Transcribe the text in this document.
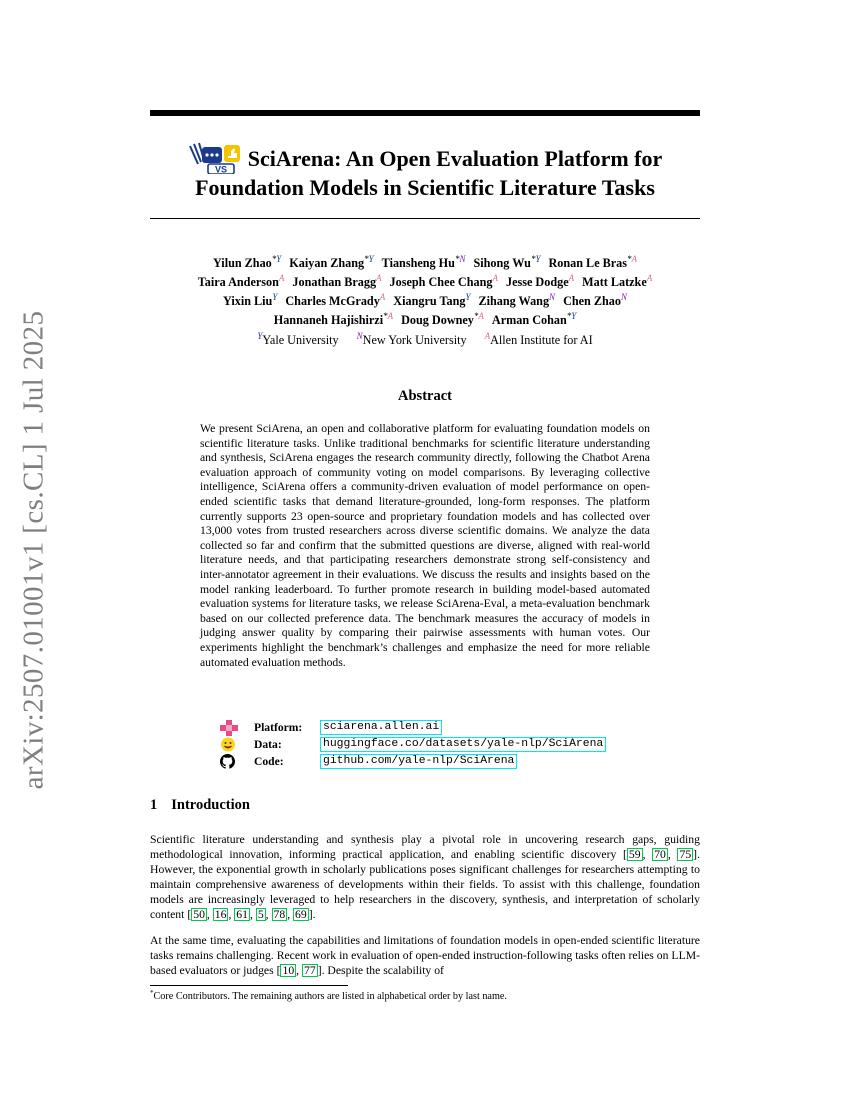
arXiv:2507.01001v1 [cs.CL] 1 Jul 2025
VS SciArena: An Open Evaluation Platform for
Foundation Models in Scientific Literature Tasks
Yilun Zhao$^{*Y}$ Kaiyan Zhang$^{*Y}$ Tiansheng $Hu^{*N}$ Sihong $Wu^{*Y}$ Ronan Le Bras$^{*A}$
Taira Anderson$^A$ Jonathan Bragg$^A$ Joseph Chee Chang$^A$ Jesse Dodge$^A$ Matt Latzke$^A$
Yixin Liu$^Y$ Charles McGrady$^A$ Xiangru Tang$^Y$ Zihang Wang$^N$ Chen Zhao$^N$
Hannaneh Hajishirzi$^{*A}$ Doug Downey$^{*A}$ Arman Cohan$^{*Y}$
$^Y$Yale University $^N$New York University $^A$Allen Institute for AI
Abstract
We present SciArena, an open and collaborative platform for evaluating foundation models on scientific literature tasks. Unlike traditional benchmarks for scientific literature understanding and synthesis, SciArena engages the research community directly, following the Chatbot Arena evaluation approach of community voting on model comparisons. By leveraging collective intelligence, SciArena offers a community-driven evaluation of model performance on open-ended scientific tasks that demand literature-grounded, long-form responses. The platform currently supports 23 open-source and proprietary foundation models and has collected over 13,000 votes from trusted researchers across diverse scientific domains. We analyze the data collected so far and confirm that the submitted questions are diverse, aligned with real-world literature needs, and that participating researchers demonstrate strong self-consistency and inter-annotator agreement in their evaluations. We discuss the results and insights based on the model ranking leaderboard. To further promote research in building model-based automated evaluation systems for literature tasks, we release SciArena-Eval, a meta-evaluation benchmark based on our collected preference data. The benchmark measures the accuracy of models in judging answer quality by comparing their pairwise assessments with human votes. Our experiments highlight the benchmark’s challenges and emphasize the need for more reliable automated evaluation methods.
Platform:	sciarena.allen.ai
Data:	huggingface.co/datasets/yale-nlp/SciArena
Code:	github.com/yale-nlp/SciArena
1 Introduction
Scientific literature understanding and synthesis play a pivotal role in uncovering research gaps, guiding methodological innovation, informing practical application, and enabling scientific discovery [ 59 , 70 , 75 ]. However, the exponential growth in scholarly publications poses significant challenges for researchers attempting to maintain comprehensive awareness of developments within their fields. To assist with this challenge, foundation models are increasingly leveraged to help researchers in the discovery, synthesis, and interpretation of scholarly content [ 50 , 16 , 61 , 5 , 78 , 69 ].
At the same time, evaluating the capabilities and limitations of foundation models in open-ended scientific literature tasks remains challenging. Recent work in evaluation of open-ended instruction-following tasks often relies on LLM-based evaluators or judges [ 10 , 77 ]. Despite the scalability of
*Core Contributors. The remaining authors are listed in alphabetical order by last name.
